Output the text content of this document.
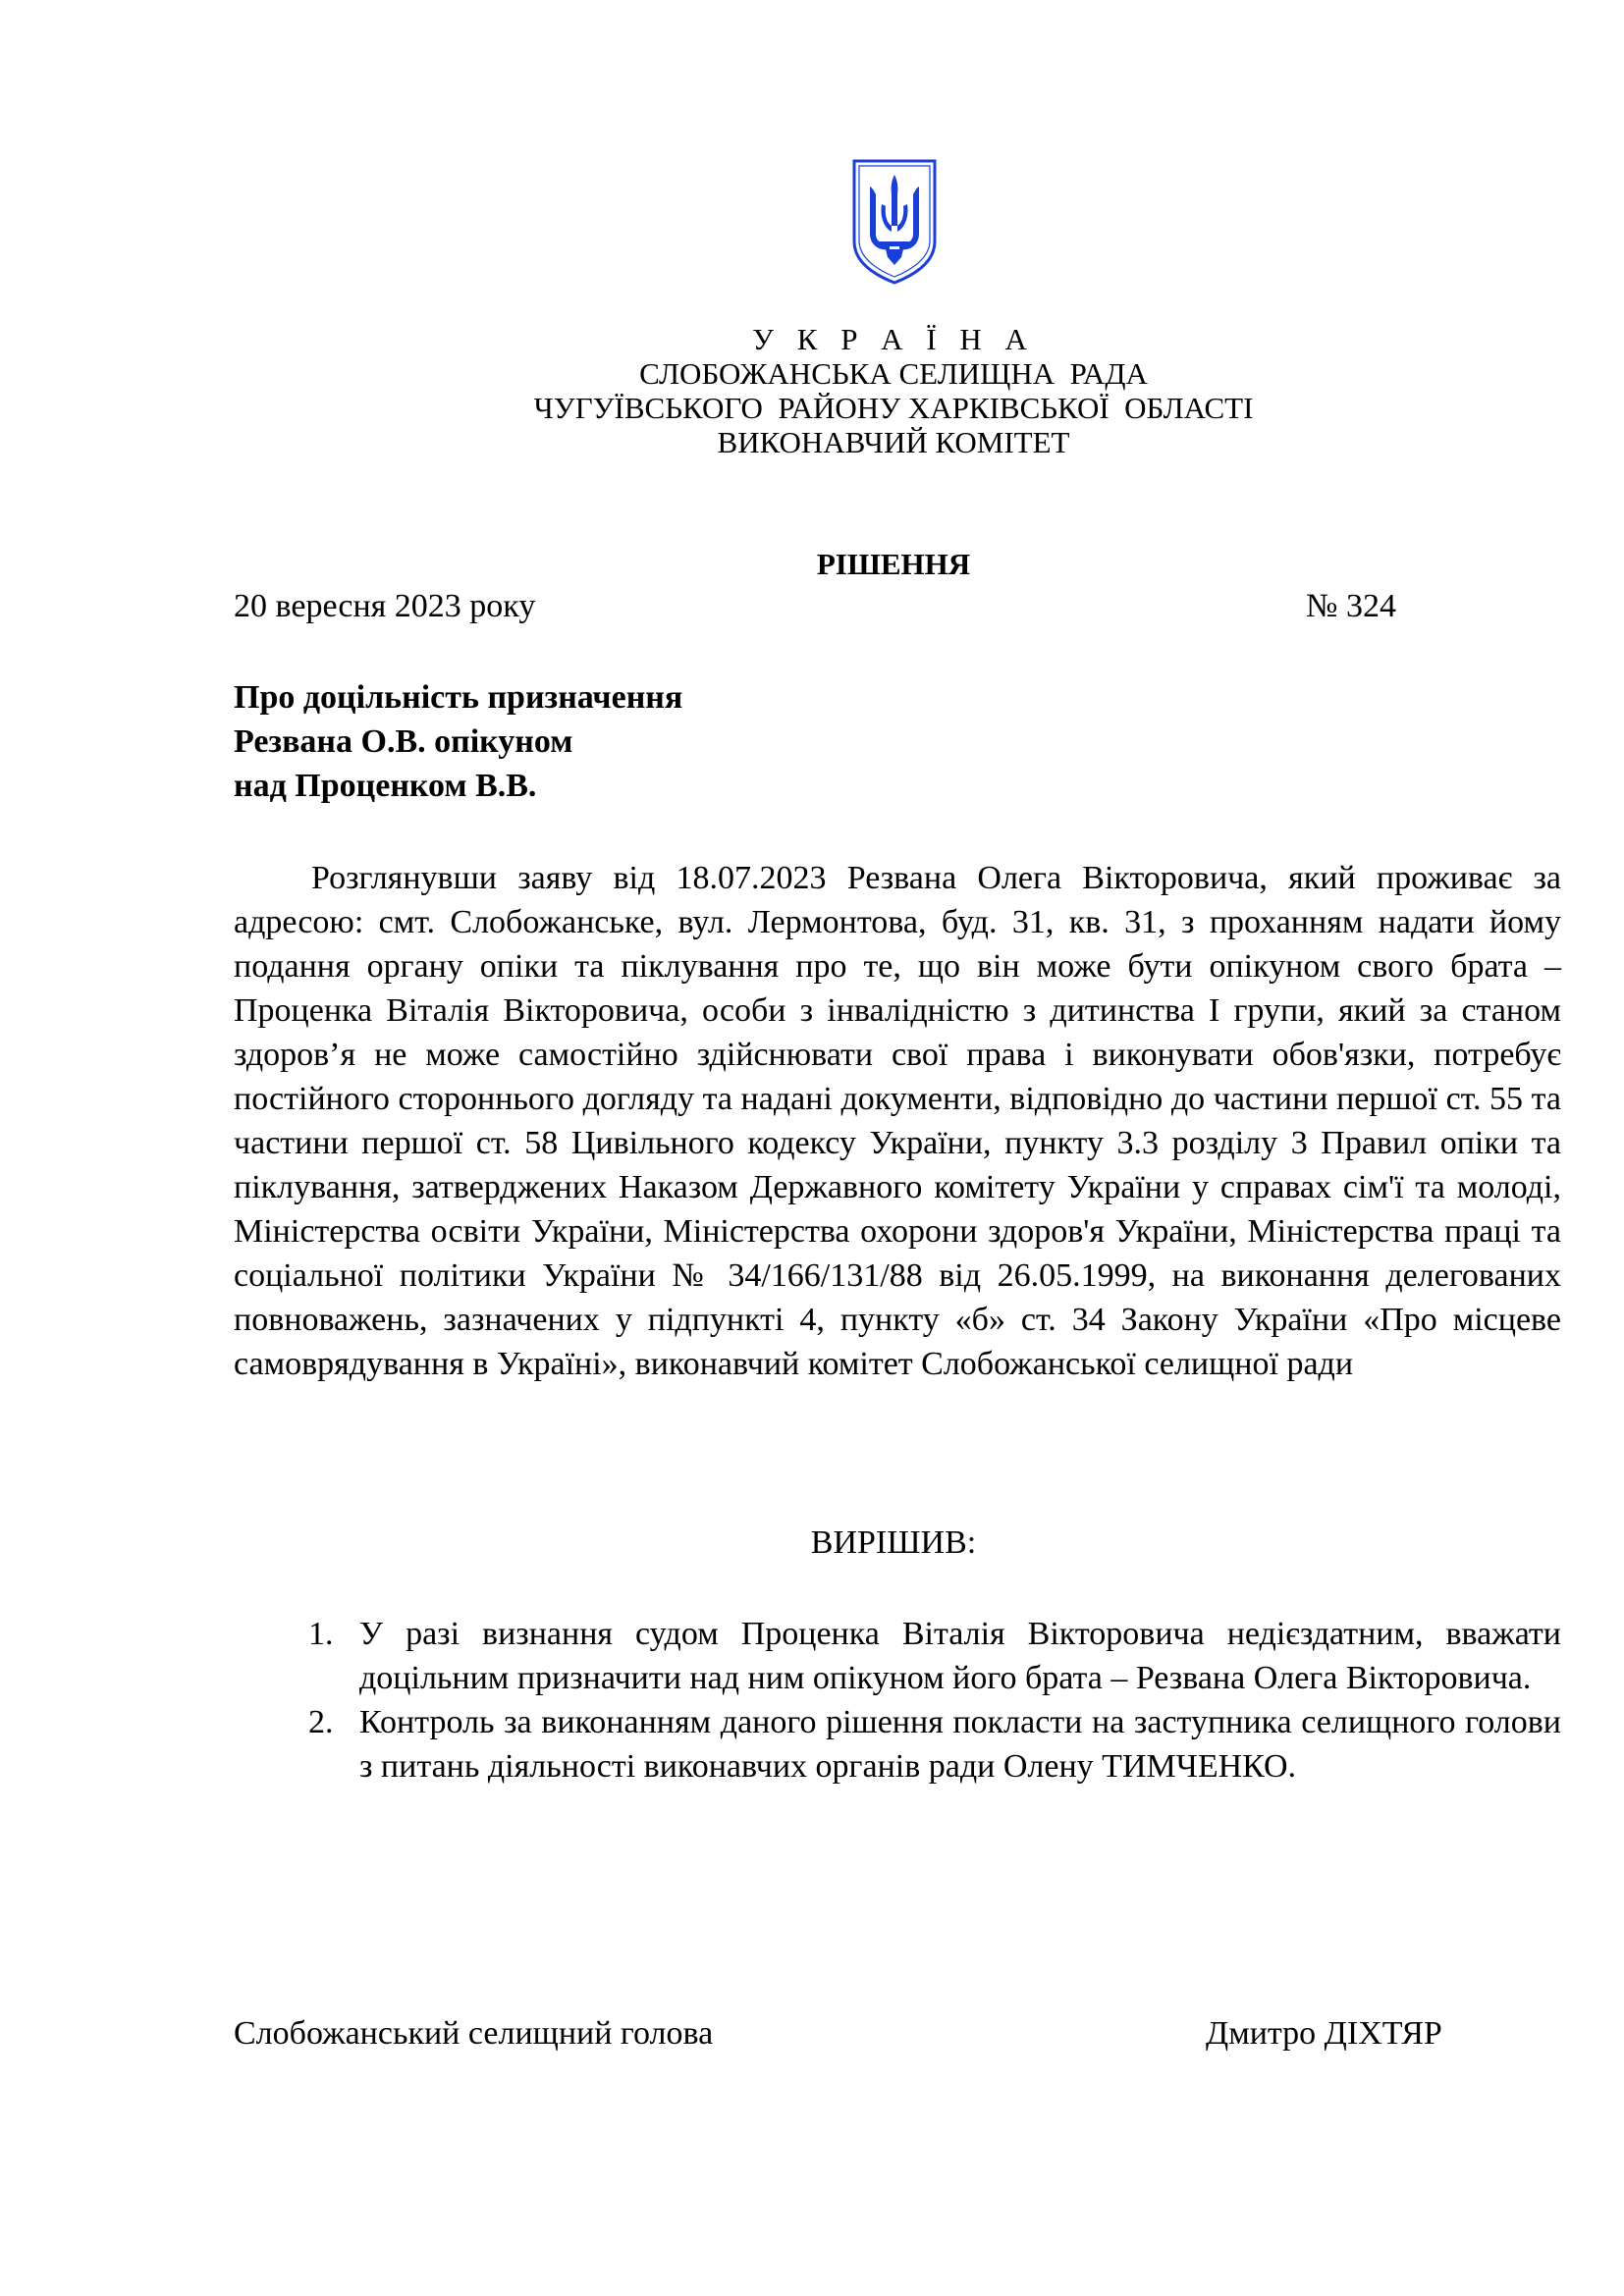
У К Р А Ї Н А
СЛОБОЖАНСЬКА СЕЛИЩНА  РАДА
ЧУГУЇВСЬКОГО  РАЙОНУ ХАРКІВСЬКОЇ  ОБЛАСТІ
ВИКОНАВЧИЙ КОМІТЕТ
РІШЕННЯ
20 вересня 2023 року	№ 324
Про доцільність призначення
Резвана О.В. опікуном
над Проценком В.В.

Розглянувши заяву від 18.07.2023 Резвана Олега Вікторовича, який проживає за адресою: смт. Слобожанське, вул. Лермонтова, буд. 31, кв. 31, з проханням надати йому подання органу опіки та піклування про те, що він може бути опікуном свого брата – Проценка Віталія Вікторовича, особи з інвалідністю з дитинства І групи, який за станом здоров’я не може самостійно здійснювати свої права і виконувати обов'язки, потребує постійного стороннього догляду та надані документи, відповідно до частини першої ст. 55 та частини першої ст. 58 Цивільного кодексу України, пункту 3.3 розділу 3 Правил опіки та піклування, затверджених Наказом Державного комітету України у справах сім'ї та молоді, Міністерства освіти України, Міністерства охорони здоров'я України, Міністерства праці та соціальної політики України № 34/166/131/88 від 26.05.1999, на виконання делегованих повноважень, зазначених у підпункті 4, пункту «б» ст. 34 Закону України «Про місцеве самоврядування в Україні», виконавчий комітет Слобожанської селищної ради

ВИРІШИВ:
1. У разі визнання судом Проценка Віталія Вікторовича недієздатним, вважати доцільним призначити над ним опікуном його брата – Резвана Олега Вікторовича.
2. Контроль за виконанням даного рішення покласти на заступника селищного голови з питань діяльності виконавчих органів ради Олену ТИМЧЕНКО.
Слобожанський селищний голова	Дмитро ДІХТЯР
